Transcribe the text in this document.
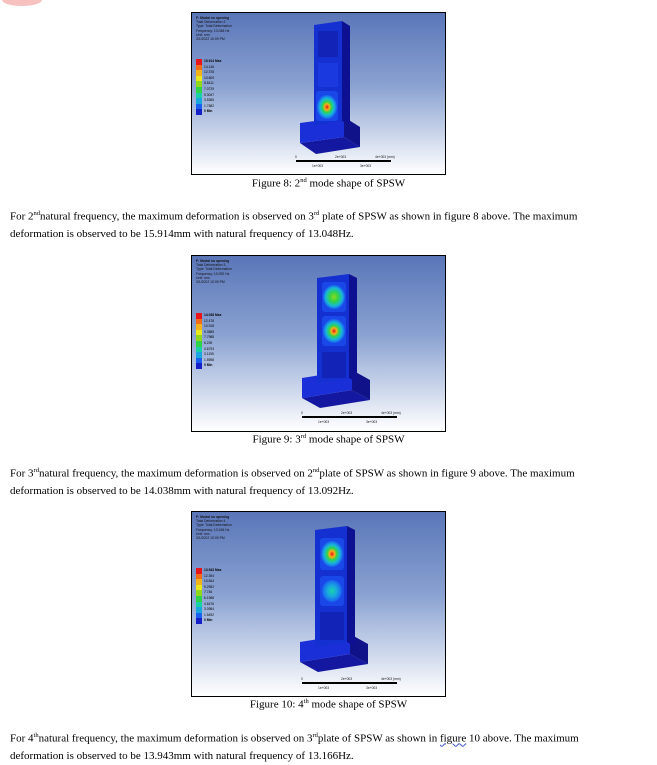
F: Modal no opening
Total Deformation 2
Type: Total Deformation
Frequency: 13.048 Hz
Unit: mm
3/1/2022 10:09 PM
15.914 Max
14.146
12.378
10.609
8.8411
7.0729
5.3047
3.5365
1.7682
0 Min
0	2e+003	4e+003 (mm)
1e+003	3e+003
Figure 8: 2nd mode shape of SPSW
For 2ndnatural frequency, the maximum deformation is observed on 3rd plate of SPSW as shown in figure 8 above. The maximum
deformation is observed to be 15.914mm with natural frequency of 13.048Hz.
F: Modal no opening
Total Deformation 3
Type: Total Deformation
Frequency: 13.092 Hz
Unit: mm
3/1/2022 10:09 PM
14.038 Max
12.478
10.918
9.3585
7.7988
6.239
4.6793
3.1195
1.5598
0 Min
0	2e+003	4e+003 (mm)
1e+003	3e+003
Figure 9: 3rd mode shape of SPSW
For 3rdnatural frequency, the maximum deformation is observed on 2ndplate of SPSW as shown in figure 9 above. The maximum
deformation is observed to be 14.038mm with natural frequency of 13.092Hz.
F: Modal no opening
Total Deformation 4
Type: Total Deformation
Frequency: 13.166 Hz
Unit: mm
3/1/2022 10:09 PM
13.943 Max
12.394
10.844
9.2952
7.746
6.1968
4.6476
3.0984
1.5492
0 Min
0	2e+003	4e+003 (mm)
1e+003	3e+003
Figure 10: 4th mode shape of SPSW
For 4thnatural frequency, the maximum deformation is observed on 3rdplate of SPSW as shown in figure 10 above. The maximum
deformation is observed to be 13.943mm with natural frequency of 13.166Hz.
